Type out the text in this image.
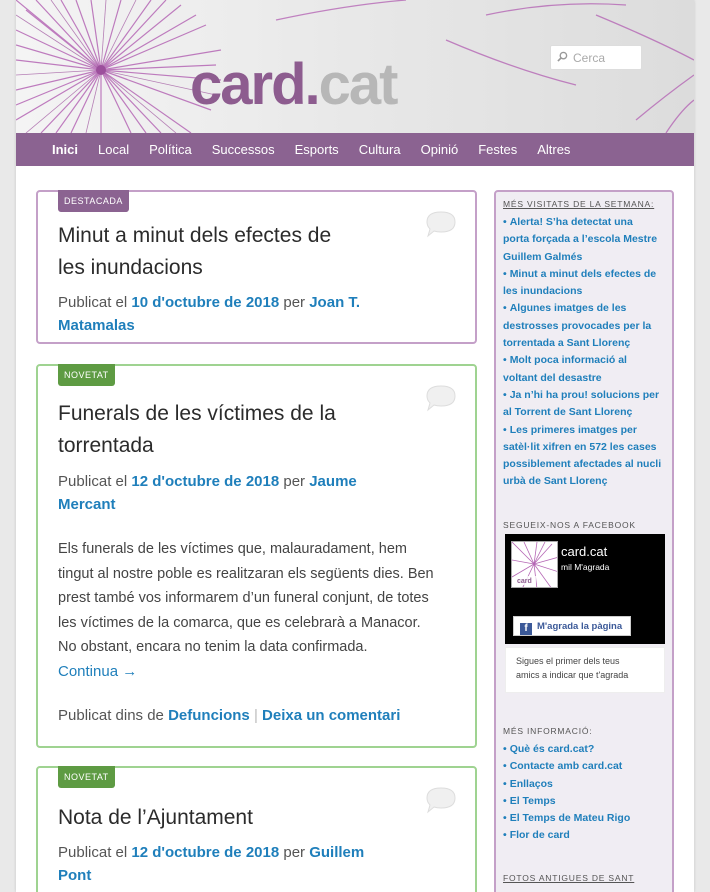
card.cat	Cerca
Inici Local Política Successos Esports Cultura Opinió Festes Altres
DESTACADA
Minut a minut dels efectes de
les inundacions
Publicat el 10 d'octubre de 2018 per Joan T.
Matamalas
NOVETAT
Funerals de les víctimes de la
torrentada
Publicat el 12 d'octubre de 2018 per Jaume
Mercant
Els funerals de les víctimes que, malauradament, hem
tingut al nostre poble es realitzaran els següents dies. Ben
prest també vos informarem d’un funeral conjunt, de totes
les víctimes de la comarca, que es celebrarà a Manacor.
No obstant, encara no tenim la data confirmada.
Continua →
Publicat dins de Defuncions | Deixa un comentari
NOVETAT
Nota de l’Ajuntament
Publicat el 12 d'octubre de 2018 per Guillem
Pont
MÉS VISITATS DE LA SETMANA:
• Alerta! S’ha detectat una
porta forçada a l’escola Mestre
Guillem Galmés
• Minut a minut dels efectes de
les inundacions
• Algunes imatges de les
destrosses provocades per la
torrentada a Sant Llorenç
• Molt poca informació al
voltant del desastre
• Ja n’hi ha prou! solucions per
al Torrent de Sant Llorenç
• Les primeres imatges per
satèl·lit xifren en 572 les cases
possiblement afectades al nucli
urbà de Sant Llorenç
SEGUEIX-NOS A FACEBOOK
card
card.cat
mil M'agrada
f M'agrada la pàgina
Sigues el primer dels teus
amics a indicar que t'agrada
MÉS INFORMACIÓ:
• Què és card.cat?
• Contacte amb card.cat
• Enllaços
• El Temps
• El Temps de Mateu Rigo
• Flor de card
FOTOS ANTIGUES DE SANT
